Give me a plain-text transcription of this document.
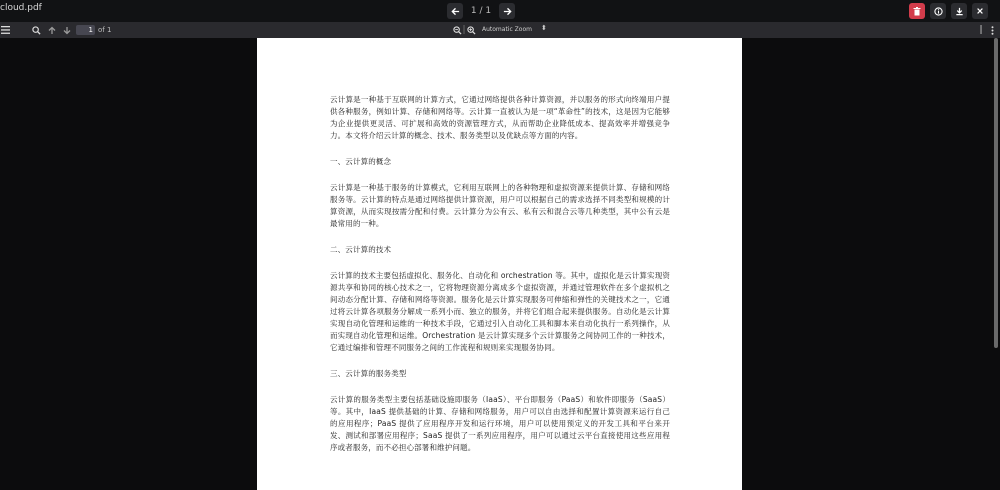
cloud.pdf	1 / 1
1 of 1	|	Automatic Zoom ⬍	|

云计算是一种基于互联网的计算方式，它通过网络提供各种计算资源，并以服务的形式向终端用户提供各种服务，例如计算、存储和网络等。云计算一直被认为是一项“革命性”的技术，这是因为它能够为企业提供更灵活、可扩展和高效的资源管理方式，从而帮助企业降低成本、提高效率并增强竞争力。本文将介绍云计算的概念、技术、服务类型以及优缺点等方面的内容。

一、云计算的概念

云计算是一种基于服务的计算模式，它利用互联网上的各种物理和虚拟资源来提供计算、存储和网络服务等。云计算的特点是通过网络提供计算资源，用户可以根据自己的需求选择不同类型和规模的计算资源，从而实现按需分配和付费。云计算分为公有云、私有云和混合云等几种类型，其中公有云是最常用的一种。

二、云计算的技术

云计算的技术主要包括虚拟化、服务化、自动化和 orchestration 等。其中，虚拟化是云计算实现资源共享和协同的核心技术之一，它将物理资源分离成多个虚拟资源，并通过管理软件在多个虚拟机之间动态分配计算、存储和网络等资源。服务化是云计算实现服务可伸缩和弹性的关键技术之一，它通过将云计算各项服务分解成一系列小而、独立的服务，并将它们组合起来提供服务。自动化是云计算实现自动化管理和运维的一种技术手段，它通过引入自动化工具和脚本来自动化执行一系列操作，从而实现自动化管理和运维。Orchestration 是云计算实现多个云计算服务之间协同工作的一种技术，它通过编排和管理不同服务之间的工作流程和规则来实现服务协同。

三、云计算的服务类型

云计算的服务类型主要包括基础设施即服务（IaaS）、平台即服务（PaaS）和软件即服务（SaaS）等。其中，IaaS 提供基础的计算、存储和网络服务，用户可以自由选择和配置计算资源来运行自己的应用程序；PaaS 提供了应用程序开发和运行环境，用户可以使用预定义的开发工具和平台来开发、测试和部署应用程序；SaaS 提供了一系列应用程序，用户可以通过云平台直接使用这些应用程序或者服务，而不必担心部署和维护问题。
